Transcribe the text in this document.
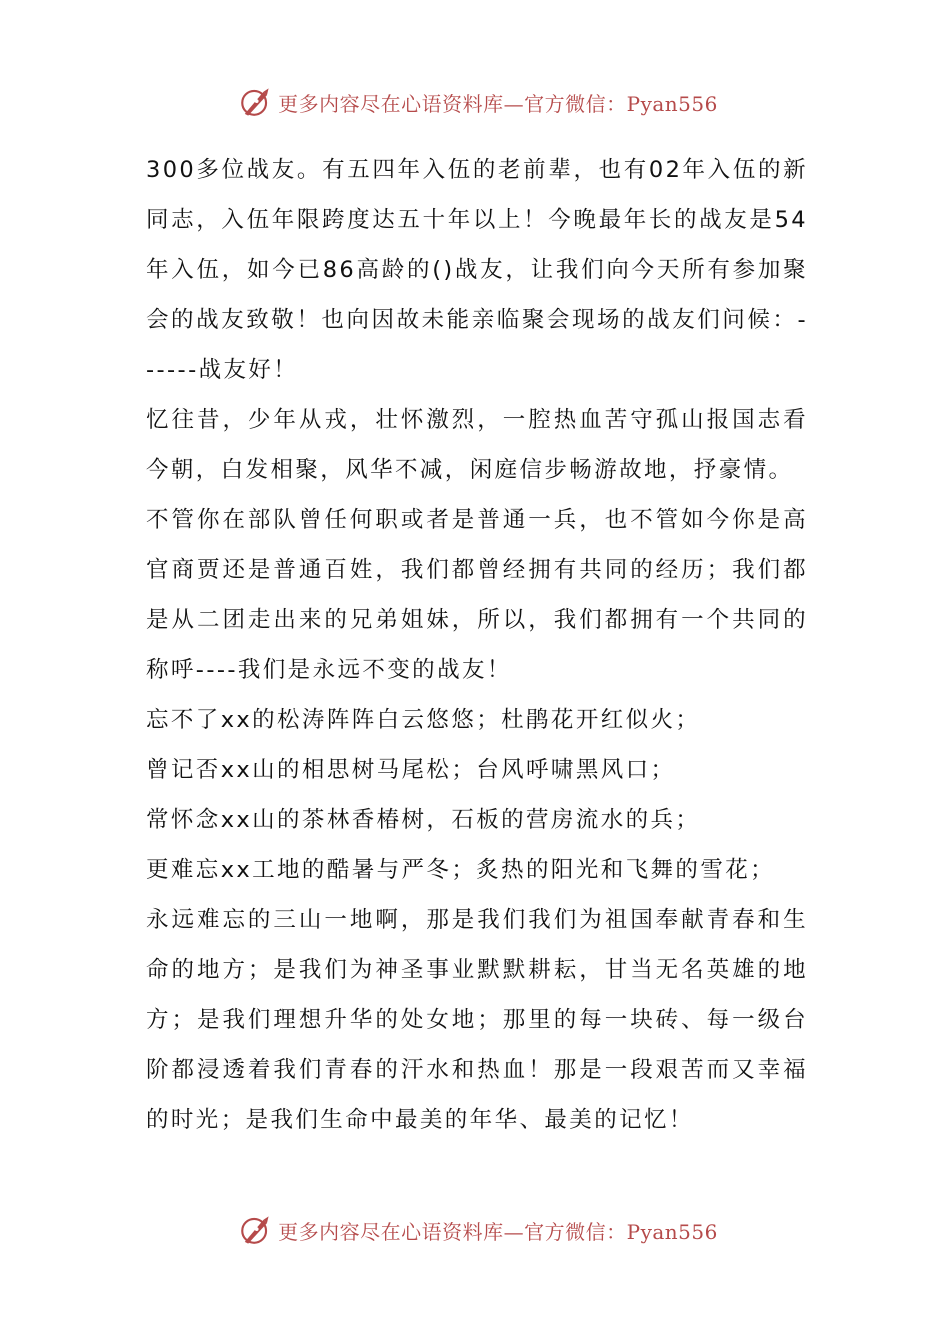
更多内容尽在心语资料库—官方微信：Pyan556

300多位战友。有五四年入伍的老前辈，也有02年入伍的新同志，入伍年限跨度达五十年以上！今晚最年长的战友是54年入伍，如今已86高龄的()战友，让我们向今天所有参加聚会的战友致敬！也向因故未能亲临聚会现场的战友们问候：------战友好！

忆往昔，少年从戎，壮怀激烈，一腔热血苦守孤山报国志看今朝，白发相聚，风华不减，闲庭信步畅游故地，抒豪情。

不管你在部队曾任何职或者是普通一兵，也不管如今你是高官商贾还是普通百姓，我们都曾经拥有共同的经历；我们都是从二团走出来的兄弟姐妹，所以，我们都拥有一个共同的称呼----我们是永远不变的战友！

忘不了xx的松涛阵阵白云悠悠；杜鹃花开红似火；

曾记否xx山的相思树马尾松；台风呼啸黑风口；

常怀念xx山的茶林香椿树，石板的营房流水的兵；

更难忘xx工地的酷暑与严冬；炙热的阳光和飞舞的雪花；

永远难忘的三山一地啊，那是我们我们为祖国奉献青春和生命的地方；是我们为神圣事业默默耕耘，甘当无名英雄的地方；是我们理想升华的处女地；那里的每一块砖、每一级台阶都浸透着我们青春的汗水和热血！那是一段艰苦而又幸福的时光；是我们生命中最美的年华、最美的记忆！

更多内容尽在心语资料库—官方微信：Pyan556
